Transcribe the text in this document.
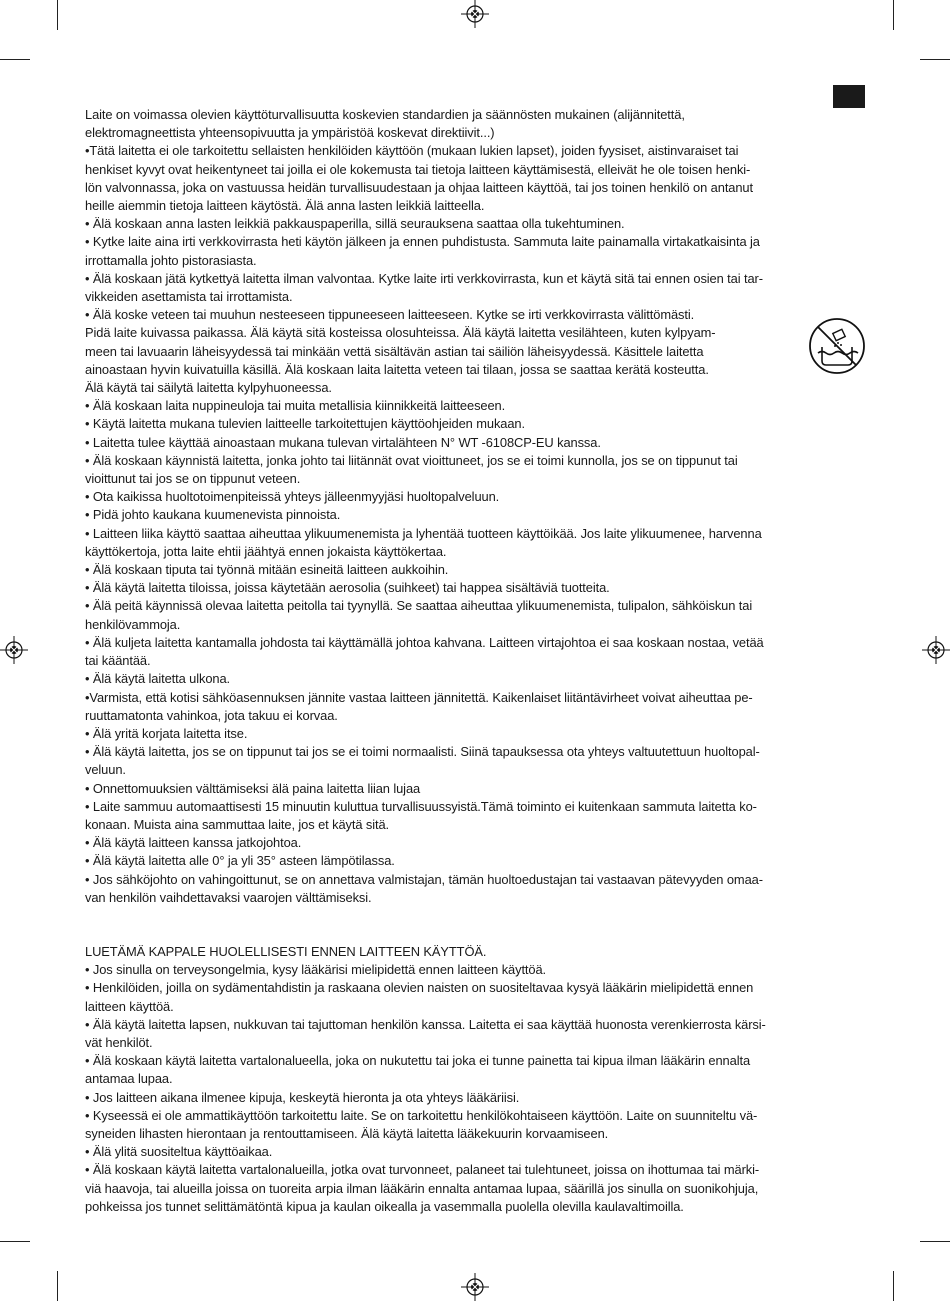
Laite on voimassa olevien käyttöturvallisuutta koskevien standardien ja säännösten mukainen (alijännitettä,
elektromagneettista yhteensopivuutta ja ympäristöä koskevat direktiivit...)

•Tätä laitetta ei ole tarkoitettu sellaisten henkilöiden käyttöön (mukaan lukien lapset), joiden fyysiset, aistinvaraiset tai
henkiset kyvyt ovat heikentyneet tai joilla ei ole kokemusta tai tietoja laitteen käyttämisestä, elleivät he ole toisen henki-
lön valvonnassa, joka on vastuussa heidän turvallisuudestaan ja ohjaa laitteen käyttöä, tai jos toinen henkilö on antanut
heille aiemmin tietoja laitteen käytöstä. Älä anna lasten leikkiä laitteella.

• Älä koskaan anna lasten leikkiä pakkauspaperilla, sillä seurauksena saattaa olla tukehtuminen.

• Kytke laite aina irti verkkovirrasta heti käytön jälkeen ja ennen puhdistusta. Sammuta laite painamalla virtakatkaisinta ja
irrottamalla johto pistorasiasta.

• Älä koskaan jätä kytkettyä laitetta ilman valvontaa. Kytke laite irti verkkovirrasta, kun et käytä sitä tai ennen osien tai tar-
vikkeiden asettamista tai irrottamista.

• Älä koske veteen tai muuhun nesteeseen tippuneeseen laitteeseen. Kytke se irti verkkovirrasta välittömästi.
Pidä laite kuivassa paikassa. Älä käytä sitä kosteissa olosuhteissa. Älä käytä laitetta vesilähteen, kuten kylpyam-
meen tai lavuaarin läheisyydessä tai minkään vettä sisältävän astian tai säiliön läheisyydessä. Käsittele laitetta
ainoastaan hyvin kuivatuilla käsillä. Älä koskaan laita laitetta veteen tai tilaan, jossa se saattaa kerätä kosteutta.
Älä käytä tai säilytä laitetta kylpyhuoneessa.

• Älä koskaan laita nuppineuloja tai muita metallisia kiinnikkeitä laitteeseen.

• Käytä laitetta mukana tulevien laitteelle tarkoitettujen käyttöohjeiden mukaan.

• Laitetta tulee käyttää ainoastaan mukana tulevan virtalähteen N° WT -6108CP-EU kanssa.

• Älä koskaan käynnistä laitetta, jonka johto tai liitännät ovat vioittuneet, jos se ei toimi kunnolla, jos se on tippunut tai
vioittunut tai jos se on tippunut veteen.

• Ota kaikissa huoltotoimenpiteissä yhteys jälleenmyyjäsi huoltopalveluun.

• Pidä johto kaukana kuumenevista pinnoista.

• Laitteen liika käyttö saattaa aiheuttaa ylikuumenemista ja lyhentää tuotteen käyttöikää. Jos laite ylikuumenee, harvenna
käyttökertoja, jotta laite ehtii jäähtyä ennen jokaista käyttökertaa.

• Älä koskaan tiputa tai työnnä mitään esineitä laitteen aukkoihin.

• Älä käytä laitetta tiloissa, joissa käytetään aerosolia (suihkeet) tai happea sisältäviä tuotteita.

• Älä peitä käynnissä olevaa laitetta peitolla tai tyynyllä. Se saattaa aiheuttaa ylikuumenemista, tulipalon, sähköiskun tai
henkilövammoja.

• Älä kuljeta laitetta kantamalla johdosta tai käyttämällä johtoa kahvana. Laitteen virtajohtoa ei saa koskaan nostaa, vetää
tai kääntää.

• Älä käytä laitetta ulkona.

•Varmista, että kotisi sähköasennuksen jännite vastaa laitteen jännitettä. Kaikenlaiset liitäntävirheet voivat aiheuttaa pe-
ruuttamatonta vahinkoa, jota takuu ei korvaa.

• Älä yritä korjata laitetta itse.

• Älä käytä laitetta, jos se on tippunut tai jos se ei toimi normaalisti. Siinä tapauksessa ota yhteys valtuutettuun huoltopal-
veluun.

• Onnettomuuksien välttämiseksi älä paina laitetta liian lujaa

• Laite sammuu automaattisesti 15 minuutin kuluttua turvallisuussyistä.Tämä toiminto ei kuitenkaan sammuta laitetta ko-
konaan. Muista aina sammuttaa laite, jos et käytä sitä.

• Älä käytä laitteen kanssa jatkojohtoa.

• Älä käytä laitetta alle 0° ja yli 35° asteen lämpötilassa.

• Jos sähköjohto on vahingoittunut, se on annettava valmistajan, tämän huoltoedustajan tai vastaavan pätevyyden omaa-
van henkilön vaihdettavaksi vaarojen välttämiseksi.

LUETÄMÄ KAPPALE HUOLELLISESTI ENNEN LAITTEEN KÄYTTÖÄ.

• Jos sinulla on terveysongelmia, kysy lääkärisi mielipidettä ennen laitteen käyttöä.

• Henkilöiden, joilla on sydämentahdistin ja raskaana olevien naisten on suositeltavaa kysyä lääkärin mielipidettä ennen
laitteen käyttöä.

• Älä käytä laitetta lapsen, nukkuvan tai tajuttoman henkilön kanssa. Laitetta ei saa käyttää huonosta verenkierrosta kärsi-
vät henkilöt.

• Älä koskaan käytä laitetta vartalonalueella, joka on nukutettu tai joka ei tunne painetta tai kipua ilman lääkärin ennalta
antamaa lupaa.

• Jos laitteen aikana ilmenee kipuja, keskeytä hieronta ja ota yhteys lääkäriisi.

• Kyseessä ei ole ammattikäyttöön tarkoitettu laite. Se on tarkoitettu henkilökohtaiseen käyttöön. Laite on suunniteltu vä-
syneiden lihasten hierontaan ja rentouttamiseen. Älä käytä laitetta lääkekuurin korvaamiseen.

• Älä ylitä suositeltua käyttöaikaa.

• Älä koskaan käytä laitetta vartalonalueilla, jotka ovat turvonneet, palaneet tai tulehtuneet, joissa on ihottumaa tai märki-
viä haavoja, tai alueilla joissa on tuoreita arpia ilman lääkärin ennalta antamaa lupaa, säärillä jos sinulla on suonikohjuja,
pohkeissa jos tunnet selittämätöntä kipua ja kaulan oikealla ja vasemmalla puolella olevilla kaulavaltimoilla.
